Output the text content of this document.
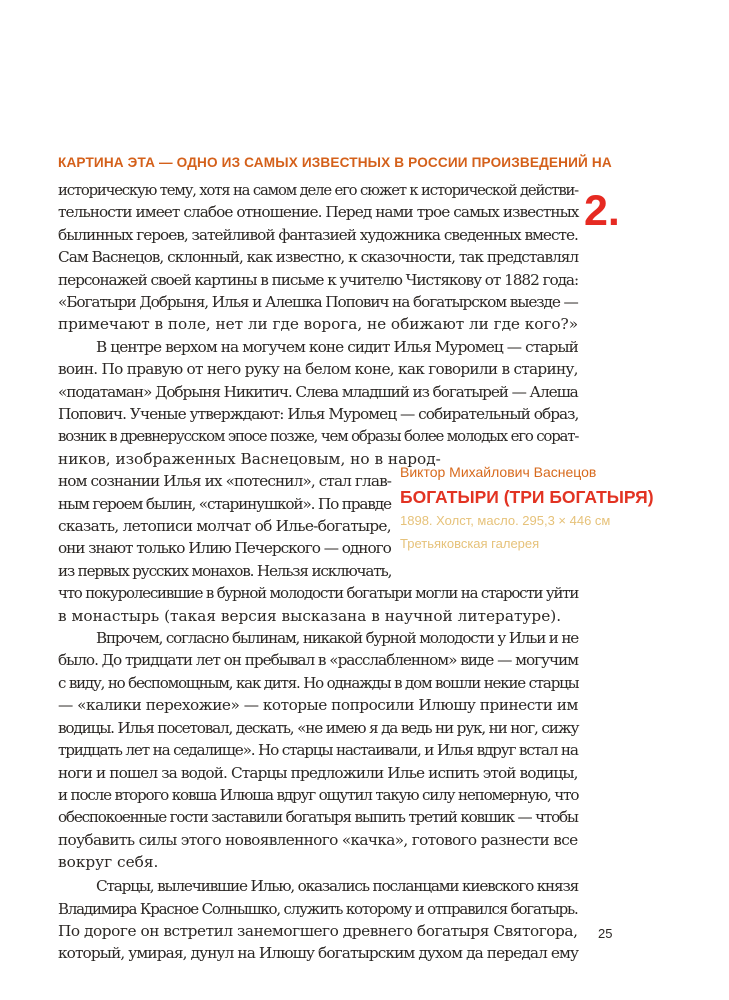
КАРТИНА ЭТА — ОДНО ИЗ САМЫХ ИЗВЕСТНЫХ В РОССИИ ПРОИЗВЕДЕНИЙ НА
2.
историческую тему, хотя на самом деле его сюжет к исторической действи-
тельности имеет слабое отношение. Перед нами трое самых известных
былинных героев, затейливой фантазией художника сведенных вместе.
Сам Васнецов, склонный, как известно, к сказочности, так представлял
персонажей своей картины в письме к учителю Чистякову от 1882 года:
«Богатыри Добрыня, Илья и Алешка Попович на богатырском выезде —
примечают в поле, нет ли где ворога, не обижают ли где кого?»
В центре верхом на могучем коне сидит Илья Муромец — старый
воин. По правую от него руку на белом коне, как говорили в старину,
«податаман» Добрыня Никитич. Слева младший из богатырей — Алеша
Попович. Ученые утверждают: Илья Муромец — собирательный образ,
возник в древнерусском эпосе позже, чем образы более молодых его сорат-
ников, изображенных Васнецовым, но в народ-
ном сознании Илья их «потеснил», стал глав-
ным героем былин, «старинушкой». По правде
сказать, летописи молчат об Илье-богатыре,
они знают только Илию Печерского — одного
из первых русских монахов. Нельзя исключать,
что покуролесившие в бурной молодости богатыри могли на старости уйти
в монастырь (такая версия высказана в научной литературе).
Впрочем, согласно былинам, никакой бурной молодости у Ильи и не
было. До тридцати лет он пребывал в «расслабленном» виде — могучим
с виду, но беспомощным, как дитя. Но однажды в дом вошли некие старцы
— «калики перехожие» — которые попросили Илюшу принести им
водицы. Илья посетовал, дескать, «не имею я да ведь ни рук, ни ног, сижу
тридцать лет на седалище». Но старцы настаивали, и Илья вдруг встал на
ноги и пошел за водой. Старцы предложили Илье испить этой водицы,
и после второго ковша Илюша вдруг ощутил такую силу непомерную, что
обеспокоенные гости заставили богатыря выпить третий ковшик — чтобы
поубавить силы этого новоявленного «качка», готового разнести все
вокруг себя.
Старцы, вылечившие Илью, оказались посланцами киевского князя
Владимира Красное Солнышко, служить которому и отправился богатырь.
По дороге он встретил занемогшего древнего богатыря Святогора,
который, умирая, дунул на Илюшу богатырским духом да передал ему
Виктор Михайлович Васнецов
БОГАТЫРИ (ТРИ БОГАТЫРЯ)
1898. Холст, масло. 295,3 × 446 см
Третьяковская галерея
25
